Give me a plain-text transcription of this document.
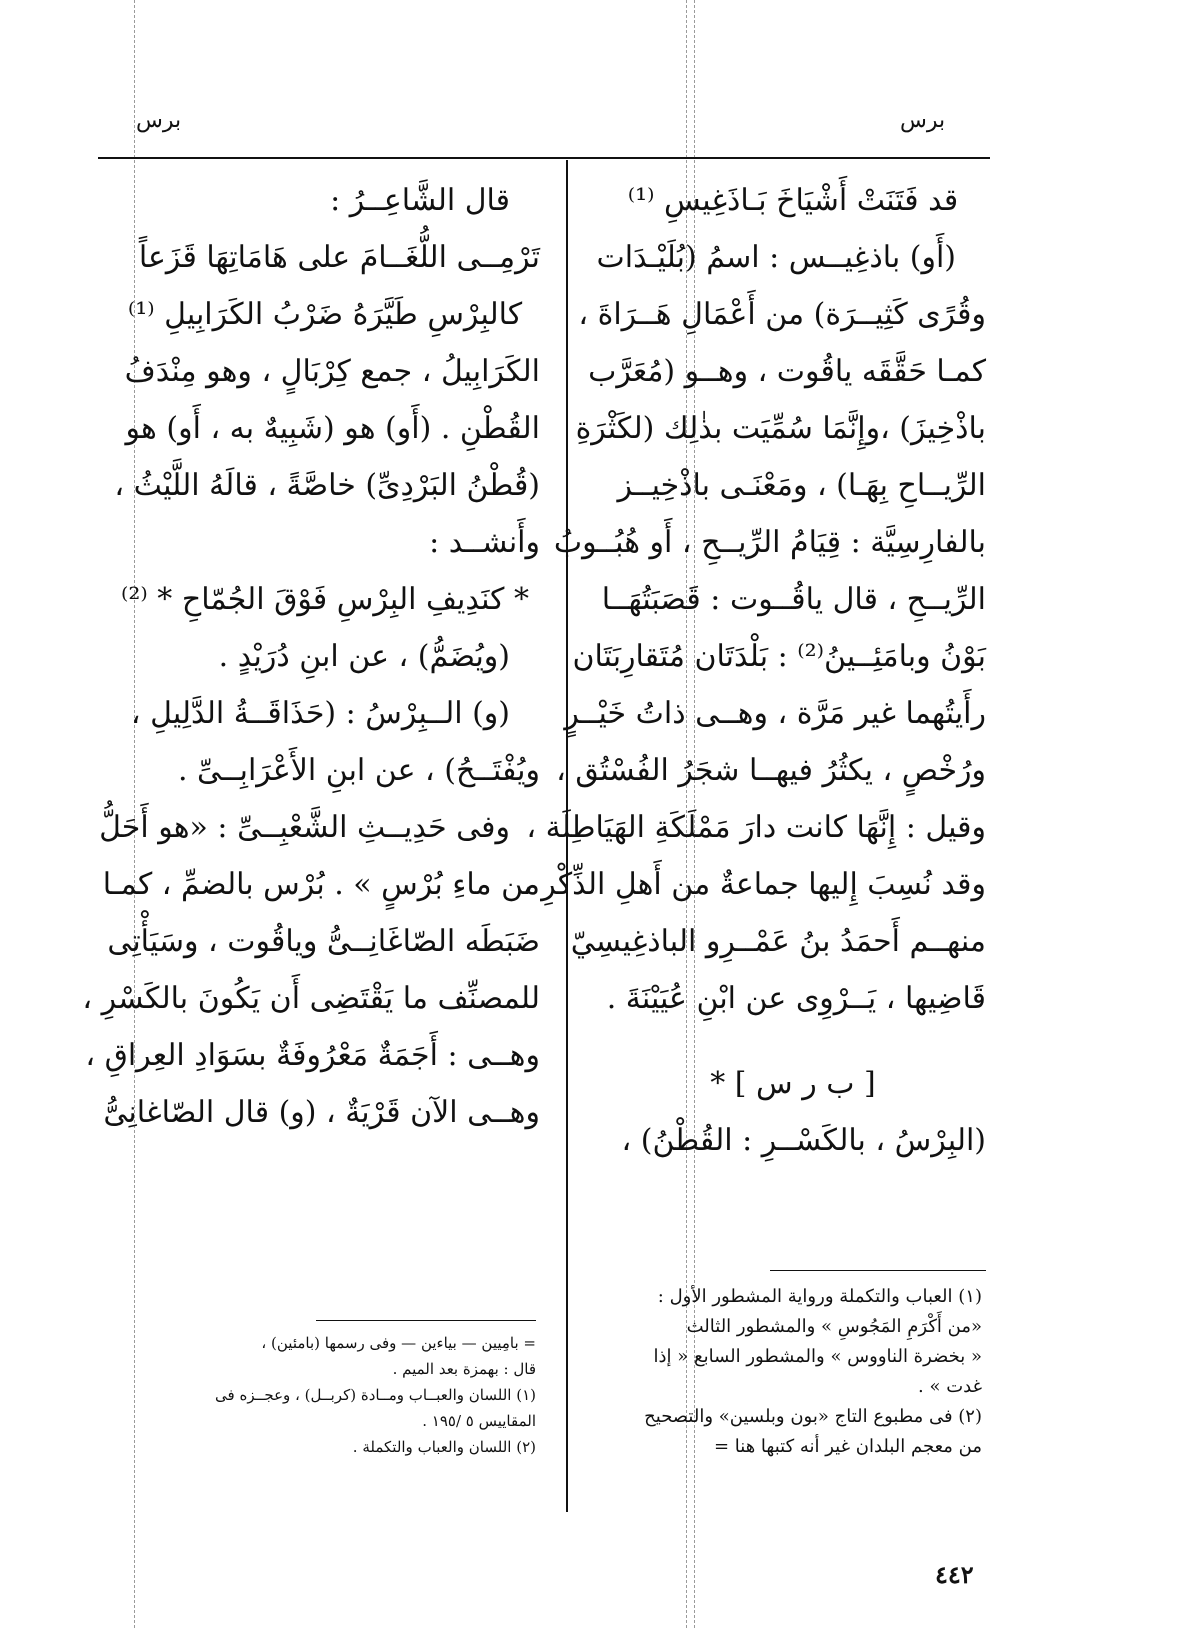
برس
برس
قد فَتَنَتْ أَشْيَاخَ بَـاذَغِيسِ ⁽¹⁾
(أَو) باذغِيــس : اسمُ (بُلَيْـدَات
وقُرًى كَثِيــرَة) من أَعْمَالِ هَــرَاةَ ،
كمـا حَقَّقَه ياقُوت ، وهــو (مُعَرَّب
باذْخِيزَ) ،وإِنَّمَا سُمِّيَت بذٰلِك (لكَثْرَةِ
الرِّيــاحِ بِهَـا) ، ومَعْنَـى باذْخِيــز
بالفارِسِيَّة : قِيَامُ الرِّيــحِ ، أَو هُبُــوبُ
الرِّيــحِ ، قال ياقُــوت : قَصَبَتُهَــا
بَوْنُ وبامَئِــينُ⁽²⁾ : بَلْدَتَان مُتَقارِبَتَان
رأَيتُهما غير مَرَّة ، وهــى ذاتُ خَيْــرٍ
ورُخْصٍ ، يكثُرُ فيهــا شجَرُ الفُسْتُق ،
وقيل : إِنَّهَا كانت دارَ مَمْلَكَةِ الهَيَاطِلَة ،
وقد نُسِبَ إِليها جماعةٌ من أَهلِ الذِّكْرِ ،
منهــم أَحمَدُ بنُ عَمْــرِو الباذغِيسِيّ
قَاضِيها ، يَــرْوِى عن ابْنِ عُيَيْنَةَ .
[ ب ر س ] *
(البِرْسُ ، بالكَسْــرِ : القُطْنُ) ،
قال الشَّاعِــرُ :
تَرْمِــى اللُّغَــامَ على هَامَاتِهَا قَزَعاً
كالبِرْسِ طَيَّرَهُ ضَرْبُ الكَرَابِيلِ ⁽¹⁾
الكَرَابِيلُ ، جمع كِرْبَالٍ ، وهو مِنْدَفُ
القُطْنِ . (أَو) هو (شَبِيهٌ به ، أَو) هو
(قُطْنُ البَرْدِىِّ) خاصَّةً ، قالَهُ اللَّيْثُ ،
وأَنشــد :
* كنَدِيفِ البِرْسِ فَوْقَ الجُمّاحِ * ⁽²⁾
(ويُضَمُّ) ، عن ابنِ دُرَيْدٍ .
(و) الــبِرْسُ : (حَذَاقَــةُ الدَّلِيلِ ،
ويُفْتَــحُ) ، عن ابنِ الأَعْرَابِــىِّ .
وفى حَدِيــثِ الشَّعْبِــىِّ : «هو أَحَلُّ
من ماءِ بُرْسٍ » . بُرْس بالضمِّ ، كمـا
ضَبَطَه الصّاغَانِــىُّ وياقُوت ، وسَيَأْتِى
للمصنِّف ما يَقْتَضِى أَن يَكُونَ بالكَسْرِ ،
وهــى : أَجَمَةٌ مَعْرُوفَةٌ بسَوَادِ العِراقِ ،
وهــى الآن قَرْيَةٌ ، (و) قال الصّاغانِىُّ
(١) العباب والتكملة ورواية المشطور الأول :
«من أَكْرَمِ المَجُوسِ » والمشطور الثالث
« بخضرة الناووس » والمشطور السابع « إذا
غدت » .
(٢) فى مطبوع التاج «بون وبلسين» والتصحيح
من معجم البلدان غير أنه كتبها هنا =
= بامِيين — بياءين — وفى رسمها (بامئين) ،
قال : بهمزة بعد الميم .
(١) اللسان والعبــاب ومــادة (كربــل) ، وعجــزه فى
المقاييس ٥ /١٩٥ .
(٢) اللسان والعباب والتكملة .
٤٤٢
